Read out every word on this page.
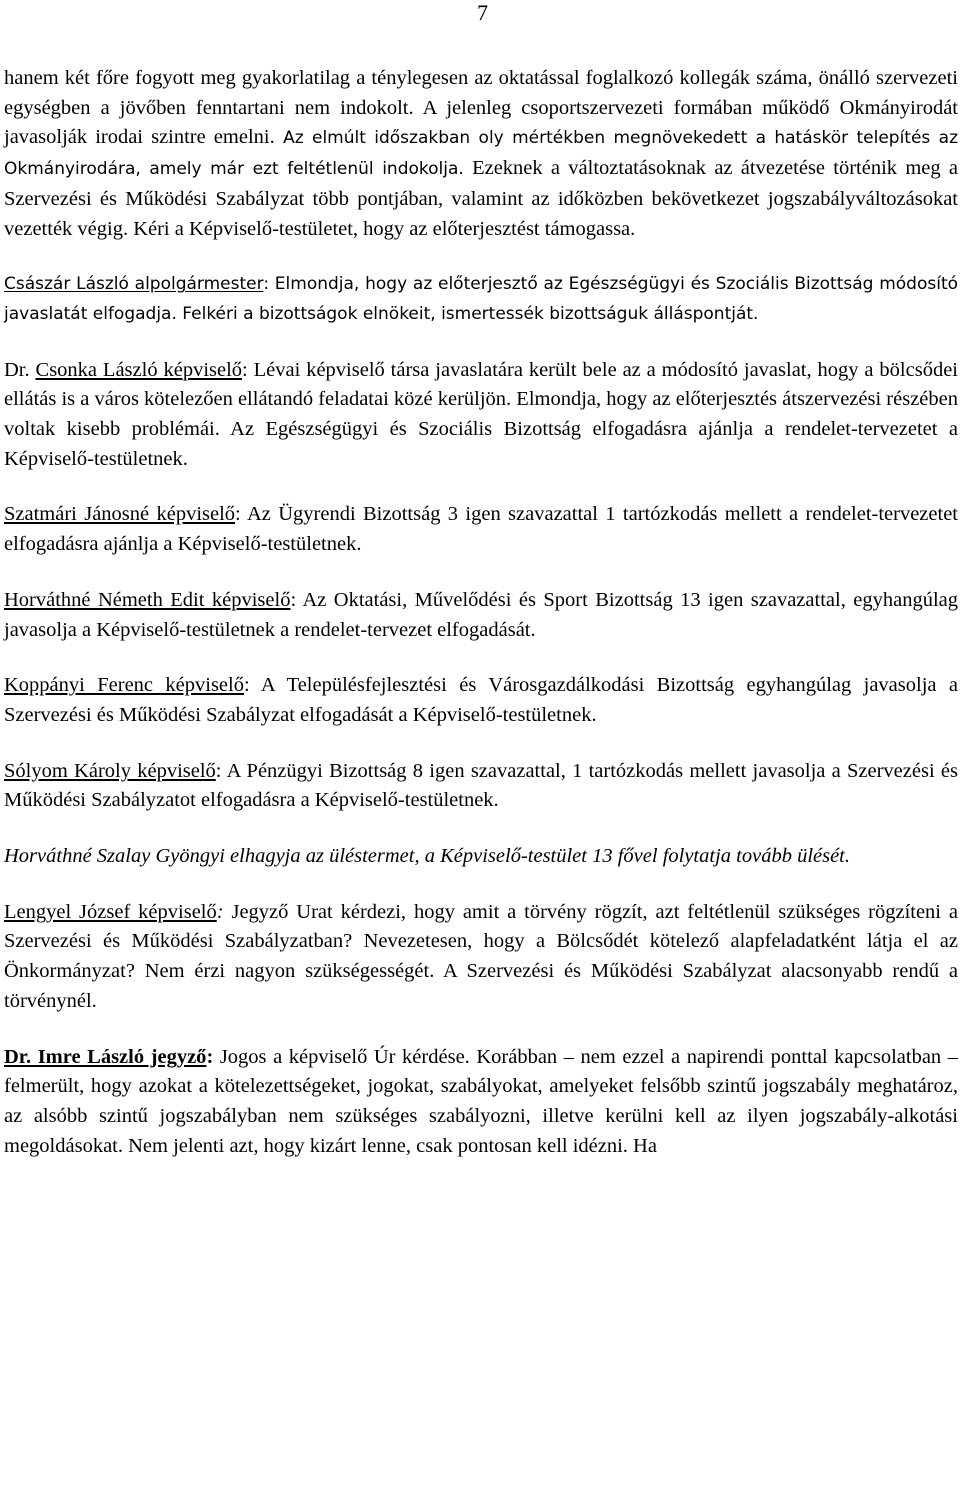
7

hanem két főre fogyott meg gyakorlatilag a ténylegesen az oktatással foglalkozó kollegák száma, önálló szervezeti egységben a jövőben fenntartani nem indokolt. A jelenleg csoportszervezeti formában működő Okmányirodát javasolják irodai szintre emelni. Az elmúlt időszakban oly mértékben megnövekedett a hatáskör telepítés az Okmányirodára, amely már ezt feltétlenül indokolja. Ezeknek a változtatásoknak az átvezetése történik meg a Szervezési és Működési Szabályzat több pontjában, valamint az időközben bekövetkezet jogszabályváltozásokat vezették végig. Kéri a Képviselő-testületet, hogy az előterjesztést támogassa.

Császár László alpolgármester: Elmondja, hogy az előterjesztő az Egészségügyi és Szociális Bizottság módosító javaslatát elfogadja. Felkéri a bizottságok elnökeit, ismertessék bizottságuk álláspontját.

Dr. Csonka László képviselő: Lévai képviselő társa javaslatára került bele az a módosító javaslat, hogy a bölcsődei ellátás is a város kötelezően ellátandó feladatai közé kerüljön. Elmondja, hogy az előterjesztés átszervezési részében voltak kisebb problémái. Az Egészségügyi és Szociális Bizottság elfogadásra ajánlja a rendelet-tervezetet a Képviselő-testületnek.

Szatmári Jánosné képviselő: Az Ügyrendi Bizottság 3 igen szavazattal 1 tartózkodás mellett a rendelet-tervezetet elfogadásra ajánlja a Képviselő-testületnek.

Horváthné Németh Edit képviselő: Az Oktatási, Művelődési és Sport Bizottság 13 igen szavazattal, egyhangúlag javasolja a Képviselő-testületnek a rendelet-tervezet elfogadását.

Koppányi Ferenc képviselő: A Településfejlesztési és Városgazdálkodási Bizottság egyhangúlag javasolja a Szervezési és Működési Szabályzat elfogadását a Képviselő-testületnek.

Sólyom Károly képviselő: A Pénzügyi Bizottság 8 igen szavazattal, 1 tartózkodás mellett javasolja a Szervezési és Működési Szabályzatot elfogadásra a Képviselő-testületnek.

Horváthné Szalay Gyöngyi elhagyja az üléstermet, a Képviselő-testület 13 fővel folytatja tovább ülését.

Lengyel József képviselő: Jegyző Urat kérdezi, hogy amit a törvény rögzít, azt feltétlenül szükséges rögzíteni a Szervezési és Működési Szabályzatban? Nevezetesen, hogy a Bölcsődét kötelező alapfeladatként látja el az Önkormányzat? Nem érzi nagyon szükségességét. A Szervezési és Működési Szabályzat alacsonyabb rendű a törvénynél.

Dr. Imre László jegyző: Jogos a képviselő Úr kérdése. Korábban – nem ezzel a napirendi ponttal kapcsolatban – felmerült, hogy azokat a kötelezettségeket, jogokat, szabályokat, amelyeket felsőbb szintű jogszabály meghatároz, az alsóbb szintű jogszabályban nem szükséges szabályozni, illetve kerülni kell az ilyen jogszabály-alkotási megoldásokat. Nem jelenti azt, hogy kizárt lenne, csak pontosan kell idézni. Ha
